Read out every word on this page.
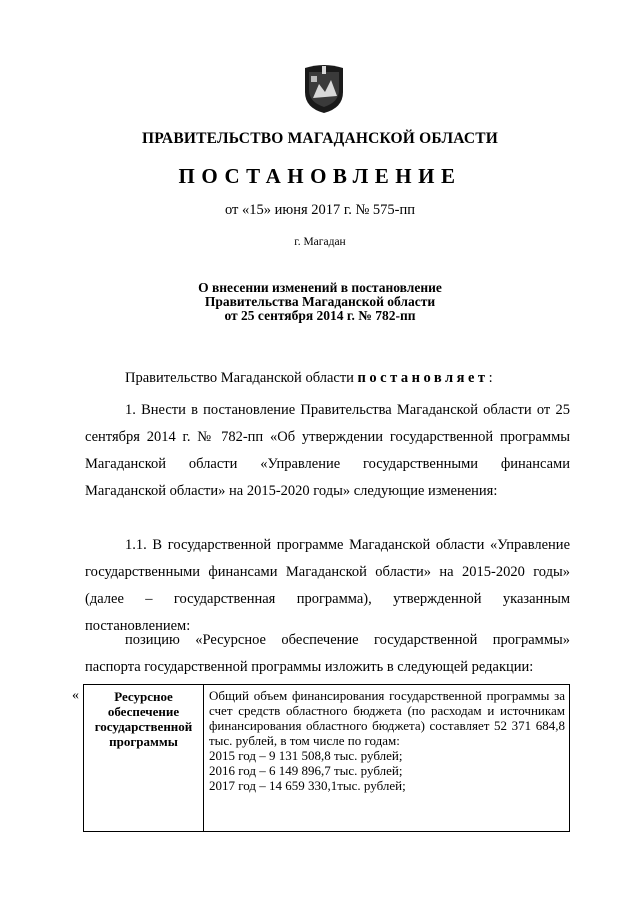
ПРАВИТЕЛЬСТВО МАГАДАНСКОЙ ОБЛАСТИ
ПОСТАНОВЛЕНИЕ
от «15» июня 2017 г. № 575-пп
г. Магадан
О внесении изменений в постановление
Правительства Магаданской области
от 25 сентября 2014 г. № 782-пп
Правительство Магаданской области постановляет:
1. Внести в постановление Правительства Магаданской области от 25 сентября 2014 г. № 782-пп «Об утверждении государственной программы Магаданской области «Управление государственными финансами Магаданской области» на 2015-2020 годы» следующие изменения:
1.1. В государственной программе Магаданской области «Управление государственными финансами Магаданской области» на 2015-2020 годы» (далее – государственная программа), утвержденной указанным постановлением:
позицию «Ресурсное обеспечение государственной программы» паспорта государственной программы изложить в следующей редакции:
«	Ресурсное
обеспечение
государственной
программы
Общий объем финансирования государственной программы за счет средств областного бюджета (по расходам и источникам финансирования областного бюджета) составляет 52 371 684,8 тыс. рублей, в том числе по годам:
2015 год – 9 131 508,8 тыс. рублей;
2016 год – 6 149 896,7 тыс. рублей;
2017 год – 14 659 330,1тыс. рублей;
